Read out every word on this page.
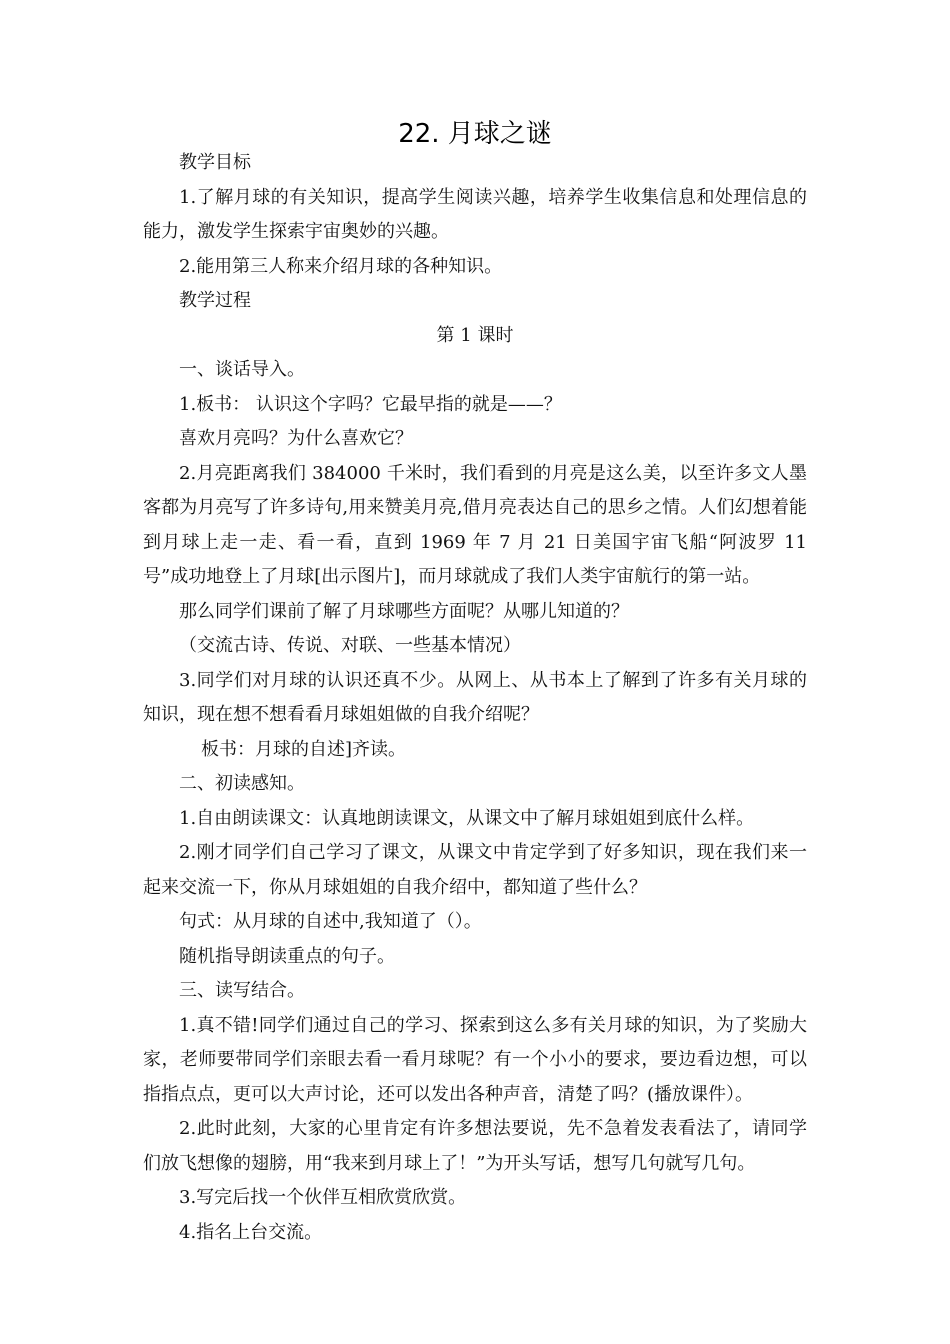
22. 月球之谜

教学目标

1.了解月球的有关知识，提高学生阅读兴趣，培养学生收集信息和处理信息的能力，激发学生探索宇宙奥妙的兴趣。

2.能用第三人称来介绍月球的各种知识。

教学过程

第 1 课时

一、谈话导入。

1.板书： 认识这个字吗？它最早指的就是——？

喜欢月亮吗？为什么喜欢它？

2.月亮距离我们 384000 千米时，我们看到的月亮是这么美，以至许多文人墨客都为月亮写了许多诗句,用来赞美月亮,借月亮表达自己的思乡之情。人们幻想着能到月球上走一走、看一看，直到 1969 年 7 月 21 日美国宇宙飞船“阿波罗 11号”成功地登上了月球[出示图片]，而月球就成了我们人类宇宙航行的第一站。

那么同学们课前了解了月球哪些方面呢？从哪儿知道的？

（交流古诗、传说、对联、一些基本情况）

3.同学们对月球的认识还真不少。从网上、从书本上了解到了许多有关月球的知识，现在想不想看看月球姐姐做的自我介绍呢？

板书：月球的自述]齐读。

二、初读感知。

1.自由朗读课文：认真地朗读课文，从课文中了解月球姐姐到底什么样。

2.刚才同学们自己学习了课文，从课文中肯定学到了好多知识，现在我们来一起来交流一下，你从月球姐姐的自我介绍中，都知道了些什么？

句式：从月球的自述中,我知道了（）。

随机指导朗读重点的句子。

三、读写结合。

1.真不错!同学们通过自己的学习、探索到这么多有关月球的知识，为了奖励大家，老师要带同学们亲眼去看一看月球呢？有一个小小的要求，要边看边想，可以指指点点，更可以大声讨论，还可以发出各种声音，清楚了吗？(播放课件）。

2.此时此刻，大家的心里肯定有许多想法要说，先不急着发表看法了，请同学们放飞想像的翅膀，用“我来到月球上了！”为开头写话，想写几句就写几句。

3.写完后找一个伙伴互相欣赏欣赏。

4.指名上台交流。
